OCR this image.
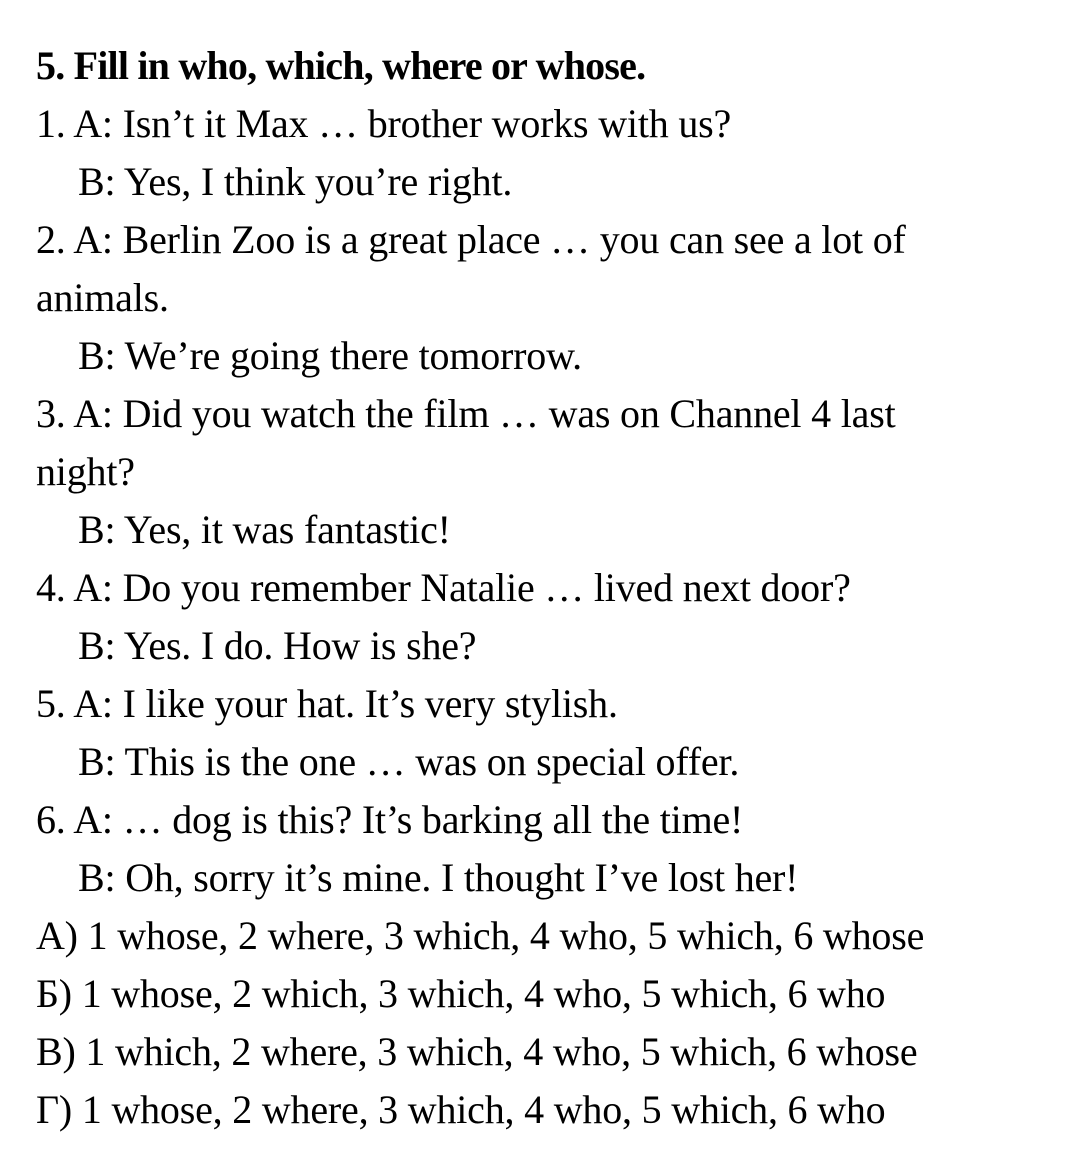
5. Fill in who, which, where or whose.
1. A: Isn’t it Max … brother works with us?
B: Yes, I think you’re right.
2. A: Berlin Zoo is a great place … you can see a lot of
animals.
B: We’re going there tomorrow.
3. A: Did you watch the film … was on Channel 4 last
night?
B: Yes, it was fantastic!
4. A: Do you remember Natalie … lived next door?
B: Yes. I do. How is she?
5. A: I like your hat. It’s very stylish.
B: This is the one … was on special offer.
6. A: … dog is this? It’s barking all the time!
B: Oh, sorry it’s mine. I thought I’ve lost her!
А) 1 whose, 2 where, 3 which, 4 who, 5 which, 6 whose
Б) 1 whose, 2 which, 3 which, 4 who, 5 which, 6 who
В) 1 which, 2 where, 3 which, 4 who, 5 which, 6 whose
Г) 1 whose, 2 where, 3 which, 4 who, 5 which, 6 who
